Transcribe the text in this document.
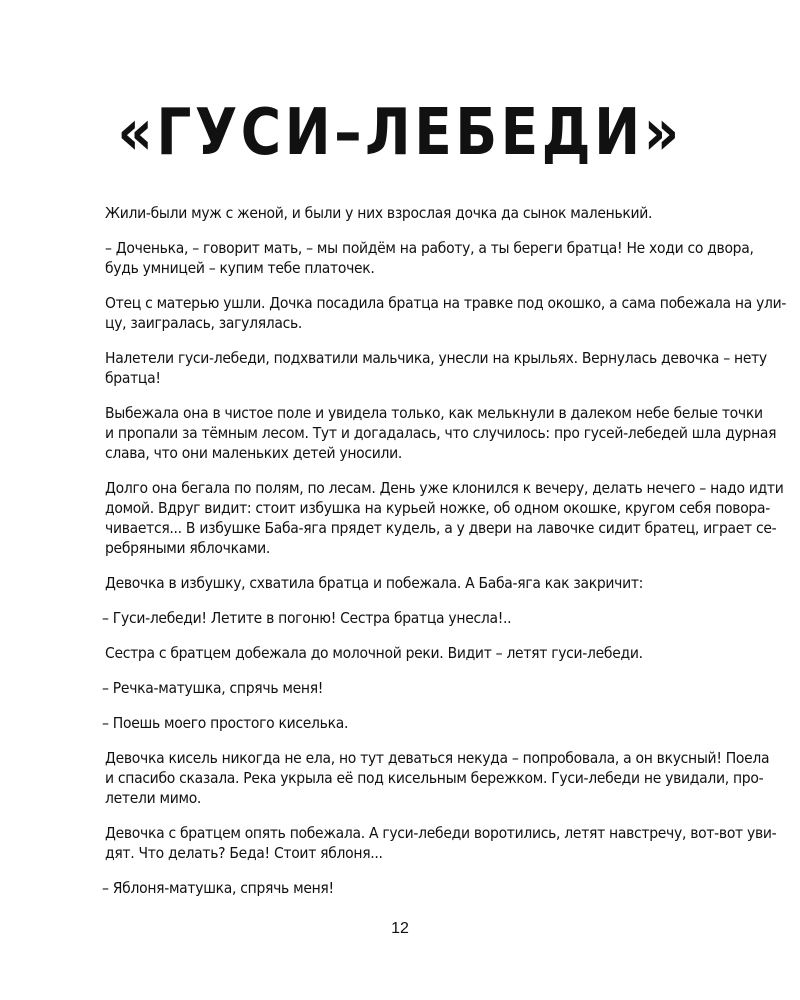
«ГУСИ–ЛЕБЕДИ»

Жили-были муж с женой, и были у них взрослая дочка да сынок маленький.

– Доченька, – говорит мать, – мы пойдём на работу, а ты береги братца! Не ходи со двора,
будь умницей – купим тебе платочек.

Отец с матерью ушли. Дочка посадила братца на травке под окошко, а сама побежала на ули-
цу, заигралась, загулялась.

Налетели гуси-лебеди, подхватили мальчика, унесли на крыльях. Вернулась девочка – нету
братца!

Выбежала она в чистое поле и увидела только, как мелькнули в далеком небе белые точки
и пропали за тёмным лесом. Тут и догадалась, что случилось: про гусей-лебедей шла дурная
слава, что они маленьких детей уносили.

Долго она бегала по полям, по лесам. День уже клонился к вечеру, делать нечего – надо идти
домой. Вдруг видит: стоит избушка на курьей ножке, об одном окошке, кругом себя повора-
чивается... В избушке Баба-яга прядет кудель, а у двери на лавочке сидит братец, играет се-
ребряными яблочками.

Девочка в избушку, схватила братца и побежала. А Баба-яга как закричит:

– Гуси-лебеди! Летите в погоню! Сестра братца унесла!..

Сестра с братцем добежала до молочной реки. Видит – летят гуси-лебеди.

– Речка-матушка, спрячь меня!

– Поешь моего простого киселька.

Девочка кисель никогда не ела, но тут деваться некуда – попробовала, а он вкусный! Поела
и спасибо сказала. Река укрыла её под кисельным бережком. Гуси-лебеди не увидали, про-
летели мимо.

Девочка с братцем опять побежала. А гуси-лебеди воротились, летят навстречу, вот-вот уви-
дят. Что делать? Беда! Стоит яблоня...

– Яблоня-матушка, спрячь меня!

12
